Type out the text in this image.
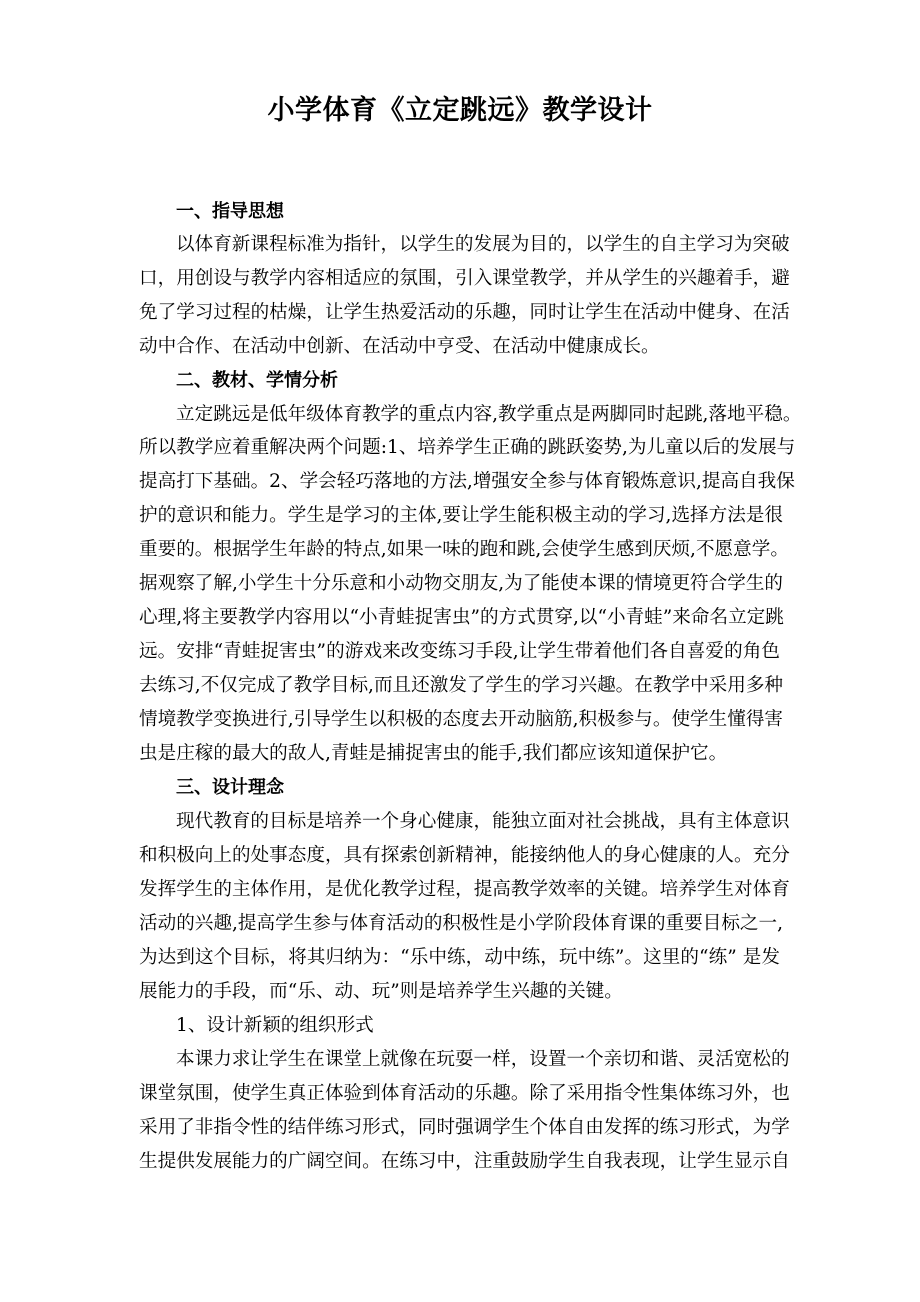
小学体育《立定跳远》教学设计
一、指导思想
以体育新课程标准为指针，以学生的发展为目的，以学生的自主学习为突破
口，用创设与教学内容相适应的氛围，引入课堂教学，并从学生的兴趣着手，避
免了学习过程的枯燥，让学生热爱活动的乐趣，同时让学生在活动中健身、在活
动中合作、在活动中创新、在活动中亨受、在活动中健康成长。
二、教材、学情分析
立定跳远是低年级体育教学的重点内容,教学重点是两脚同时起跳,落地平稳。
所以教学应着重解决两个问题:1、培养学生正确的跳跃姿势,为儿童以后的发展与
提高打下基础。2、学会轻巧落地的方法,增强安全参与体育锻炼意识,提高自我保
护的意识和能力。学生是学习的主体,要让学生能积极主动的学习,选择方法是很
重要的。根据学生年龄的特点,如果一味的跑和跳,会使学生感到厌烦,不愿意学。
据观察了解,小学生十分乐意和小动物交朋友,为了能使本课的情境更符合学生的
心理,将主要教学内容用以“小青蛙捉害虫”的方式贯穿,以“小青蛙”来命名立定跳
远。安排“青蛙捉害虫”的游戏来改变练习手段,让学生带着他们各自喜爱的角色
去练习,不仅完成了教学目标,而且还激发了学生的学习兴趣。在教学中采用多种
情境教学变换进行,引导学生以积极的态度去开动脑筋,积极参与。使学生懂得害
虫是庄稼的最大的敌人,青蛙是捕捉害虫的能手,我们都应该知道保护它。
三、设计理念
现代教育的目标是培养一个身心健康，能独立面对社会挑战，具有主体意识
和积极向上的处事态度，具有探索创新精神，能接纳他人的身心健康的人。充分
发挥学生的主体作用，是优化教学过程，提高教学效率的关键。培养学生对体育
活动的兴趣,提高学生参与体育活动的积极性是小学阶段体育课的重要目标之一,
为达到这个目标，将其归纳为：“乐中练，动中练，玩中练”。这里的“练” 是发
展能力的手段，而“乐、动、玩”则是培养学生兴趣的关键。
1、设计新颖的组织形式
本课力求让学生在课堂上就像在玩耍一样，设置一个亲切和谐、灵活宽松的
课堂氛围，使学生真正体验到体育活动的乐趣。除了采用指令性集体练习外，也
采用了非指令性的结伴练习形式，同时强调学生个体自由发挥的练习形式，为学
生提供发展能力的广阔空间。在练习中，注重鼓励学生自我表现，让学生显示自
